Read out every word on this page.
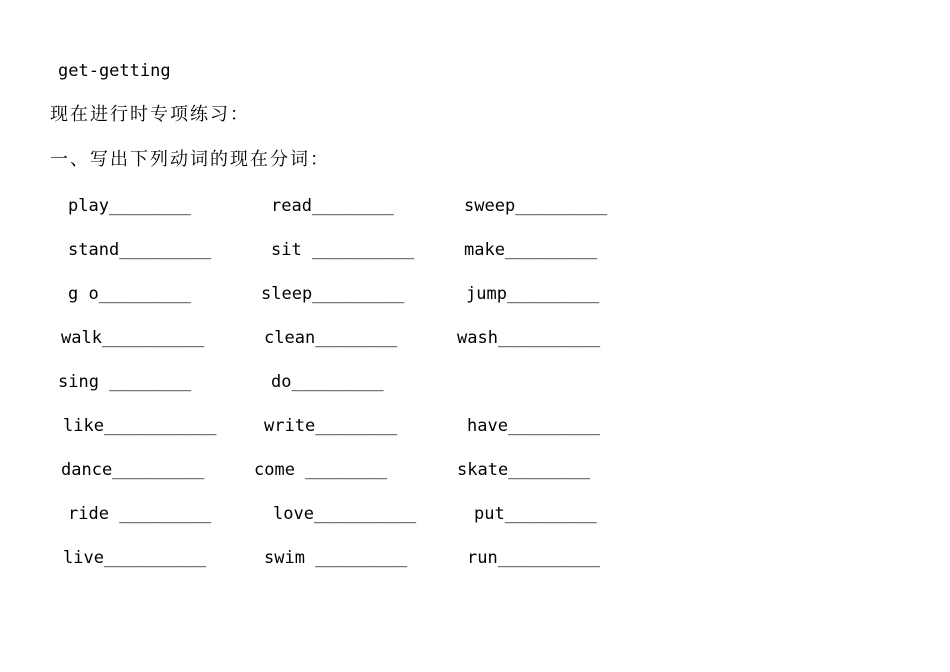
get-getting
现在进行时专项练习：
一、写出下列动词的现在分词：
play________	read________	sweep_________
stand_________	sit __________	make_________
g o_________	sleep_________	jump_________
walk__________	clean________	wash__________
sing ________	do_________
like___________	write________	have_________
dance_________	come ________	skate________
ride _________	love__________	put_________
live__________	swim _________	run__________
